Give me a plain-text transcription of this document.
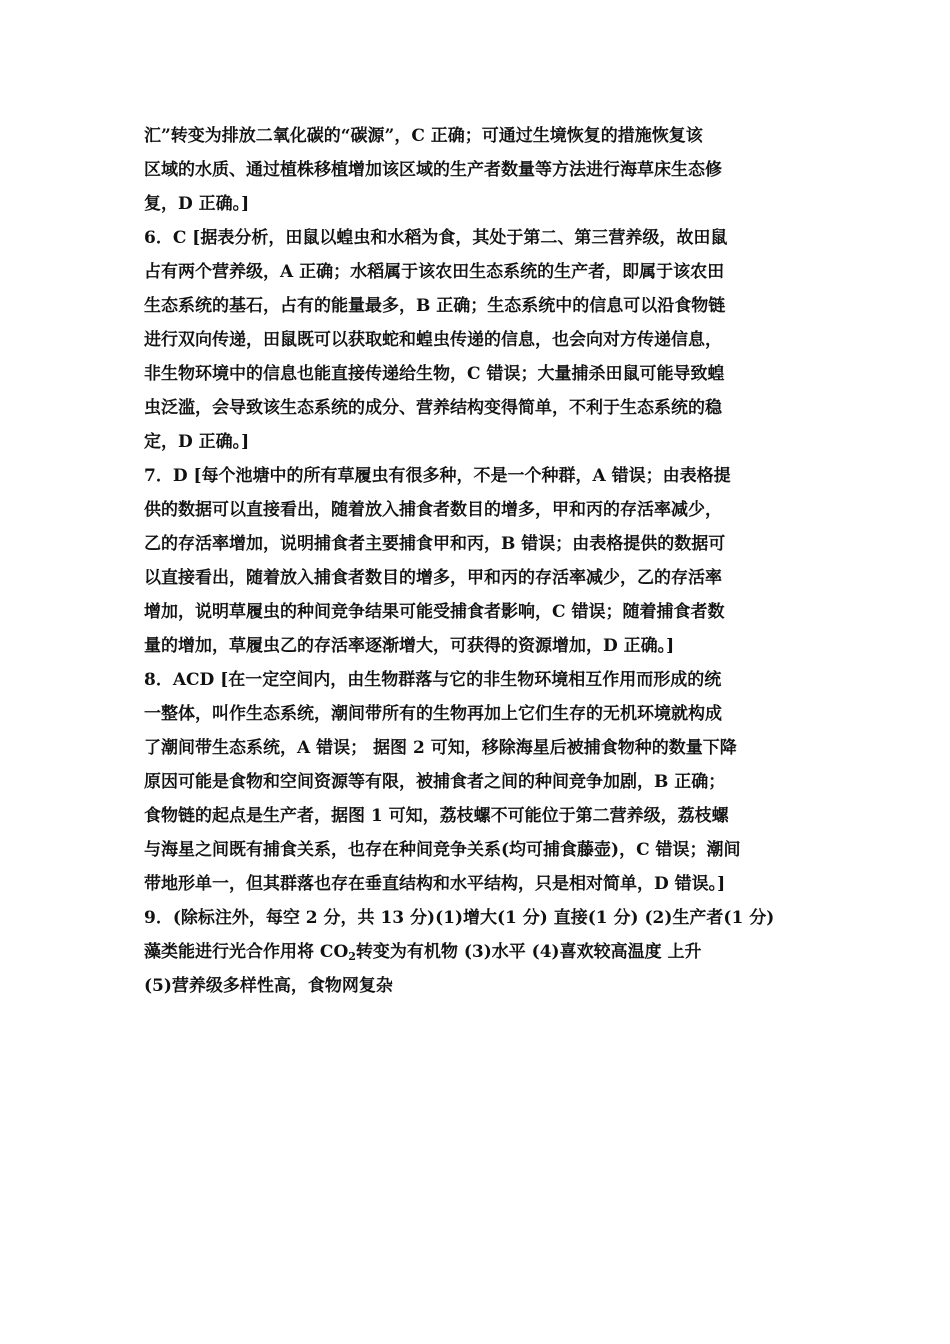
汇”转变为排放二氧化碳的“碳源”，C 正确；可通过生境恢复的措施恢复该
区域的水质、通过植株移植增加该区域的生产者数量等方法进行海草床生态修
复，D 正确。]
6．C [据表分析，田鼠以蝗虫和水稻为食，其处于第二、第三营养级，故田鼠
占有两个营养级，A 正确；水稻属于该农田生态系统的生产者，即属于该农田
生态系统的基石，占有的能量最多，B 正确；生态系统中的信息可以沿食物链
进行双向传递，田鼠既可以获取蛇和蝗虫传递的信息，也会向对方传递信息，
非生物环境中的信息也能直接传递给生物，C 错误；大量捕杀田鼠可能导致蝗
虫泛滥，会导致该生态系统的成分、营养结构变得简单，不利于生态系统的稳
定，D 正确。]
7．D [每个池塘中的所有草履虫有很多种，不是一个种群，A 错误；由表格提
供的数据可以直接看出，随着放入捕食者数目的增多，甲和丙的存活率减少，
乙的存活率增加，说明捕食者主要捕食甲和丙，B 错误；由表格提供的数据可
以直接看出，随着放入捕食者数目的增多，甲和丙的存活率减少，乙的存活率
增加，说明草履虫的种间竞争结果可能受捕食者影响，C 错误；随着捕食者数
量的增加，草履虫乙的存活率逐渐增大，可获得的资源增加，D 正确。]
8．ACD [在一定空间内，由生物群落与它的非生物环境相互作用而形成的统
一整体，叫作生态系统，潮间带所有的生物再加上它们生存的无机环境就构成
了潮间带生态系统，A 错误； 据图 2 可知，移除海星后被捕食物种的数量下降
原因可能是食物和空间资源等有限，被捕食者之间的种间竞争加剧，B 正确；
食物链的起点是生产者，据图 1 可知，荔枝螺不可能位于第二营养级，荔枝螺
与海星之间既有捕食关系，也存在种间竞争关系(均可捕食藤壶)，C 错误；潮间
带地形单一，但其群落也存在垂直结构和水平结构，只是相对简单，D 错误。]
9．(除标注外，每空 2 分，共 13 分)(1)增大(1 分) 直接(1 分) (2)生产者(1 分)
藻类能进行光合作用将 $CO_2$转变为有机物 (3)水平 (4)喜欢较高温度 上升
(5)营养级多样性高，食物网复杂
